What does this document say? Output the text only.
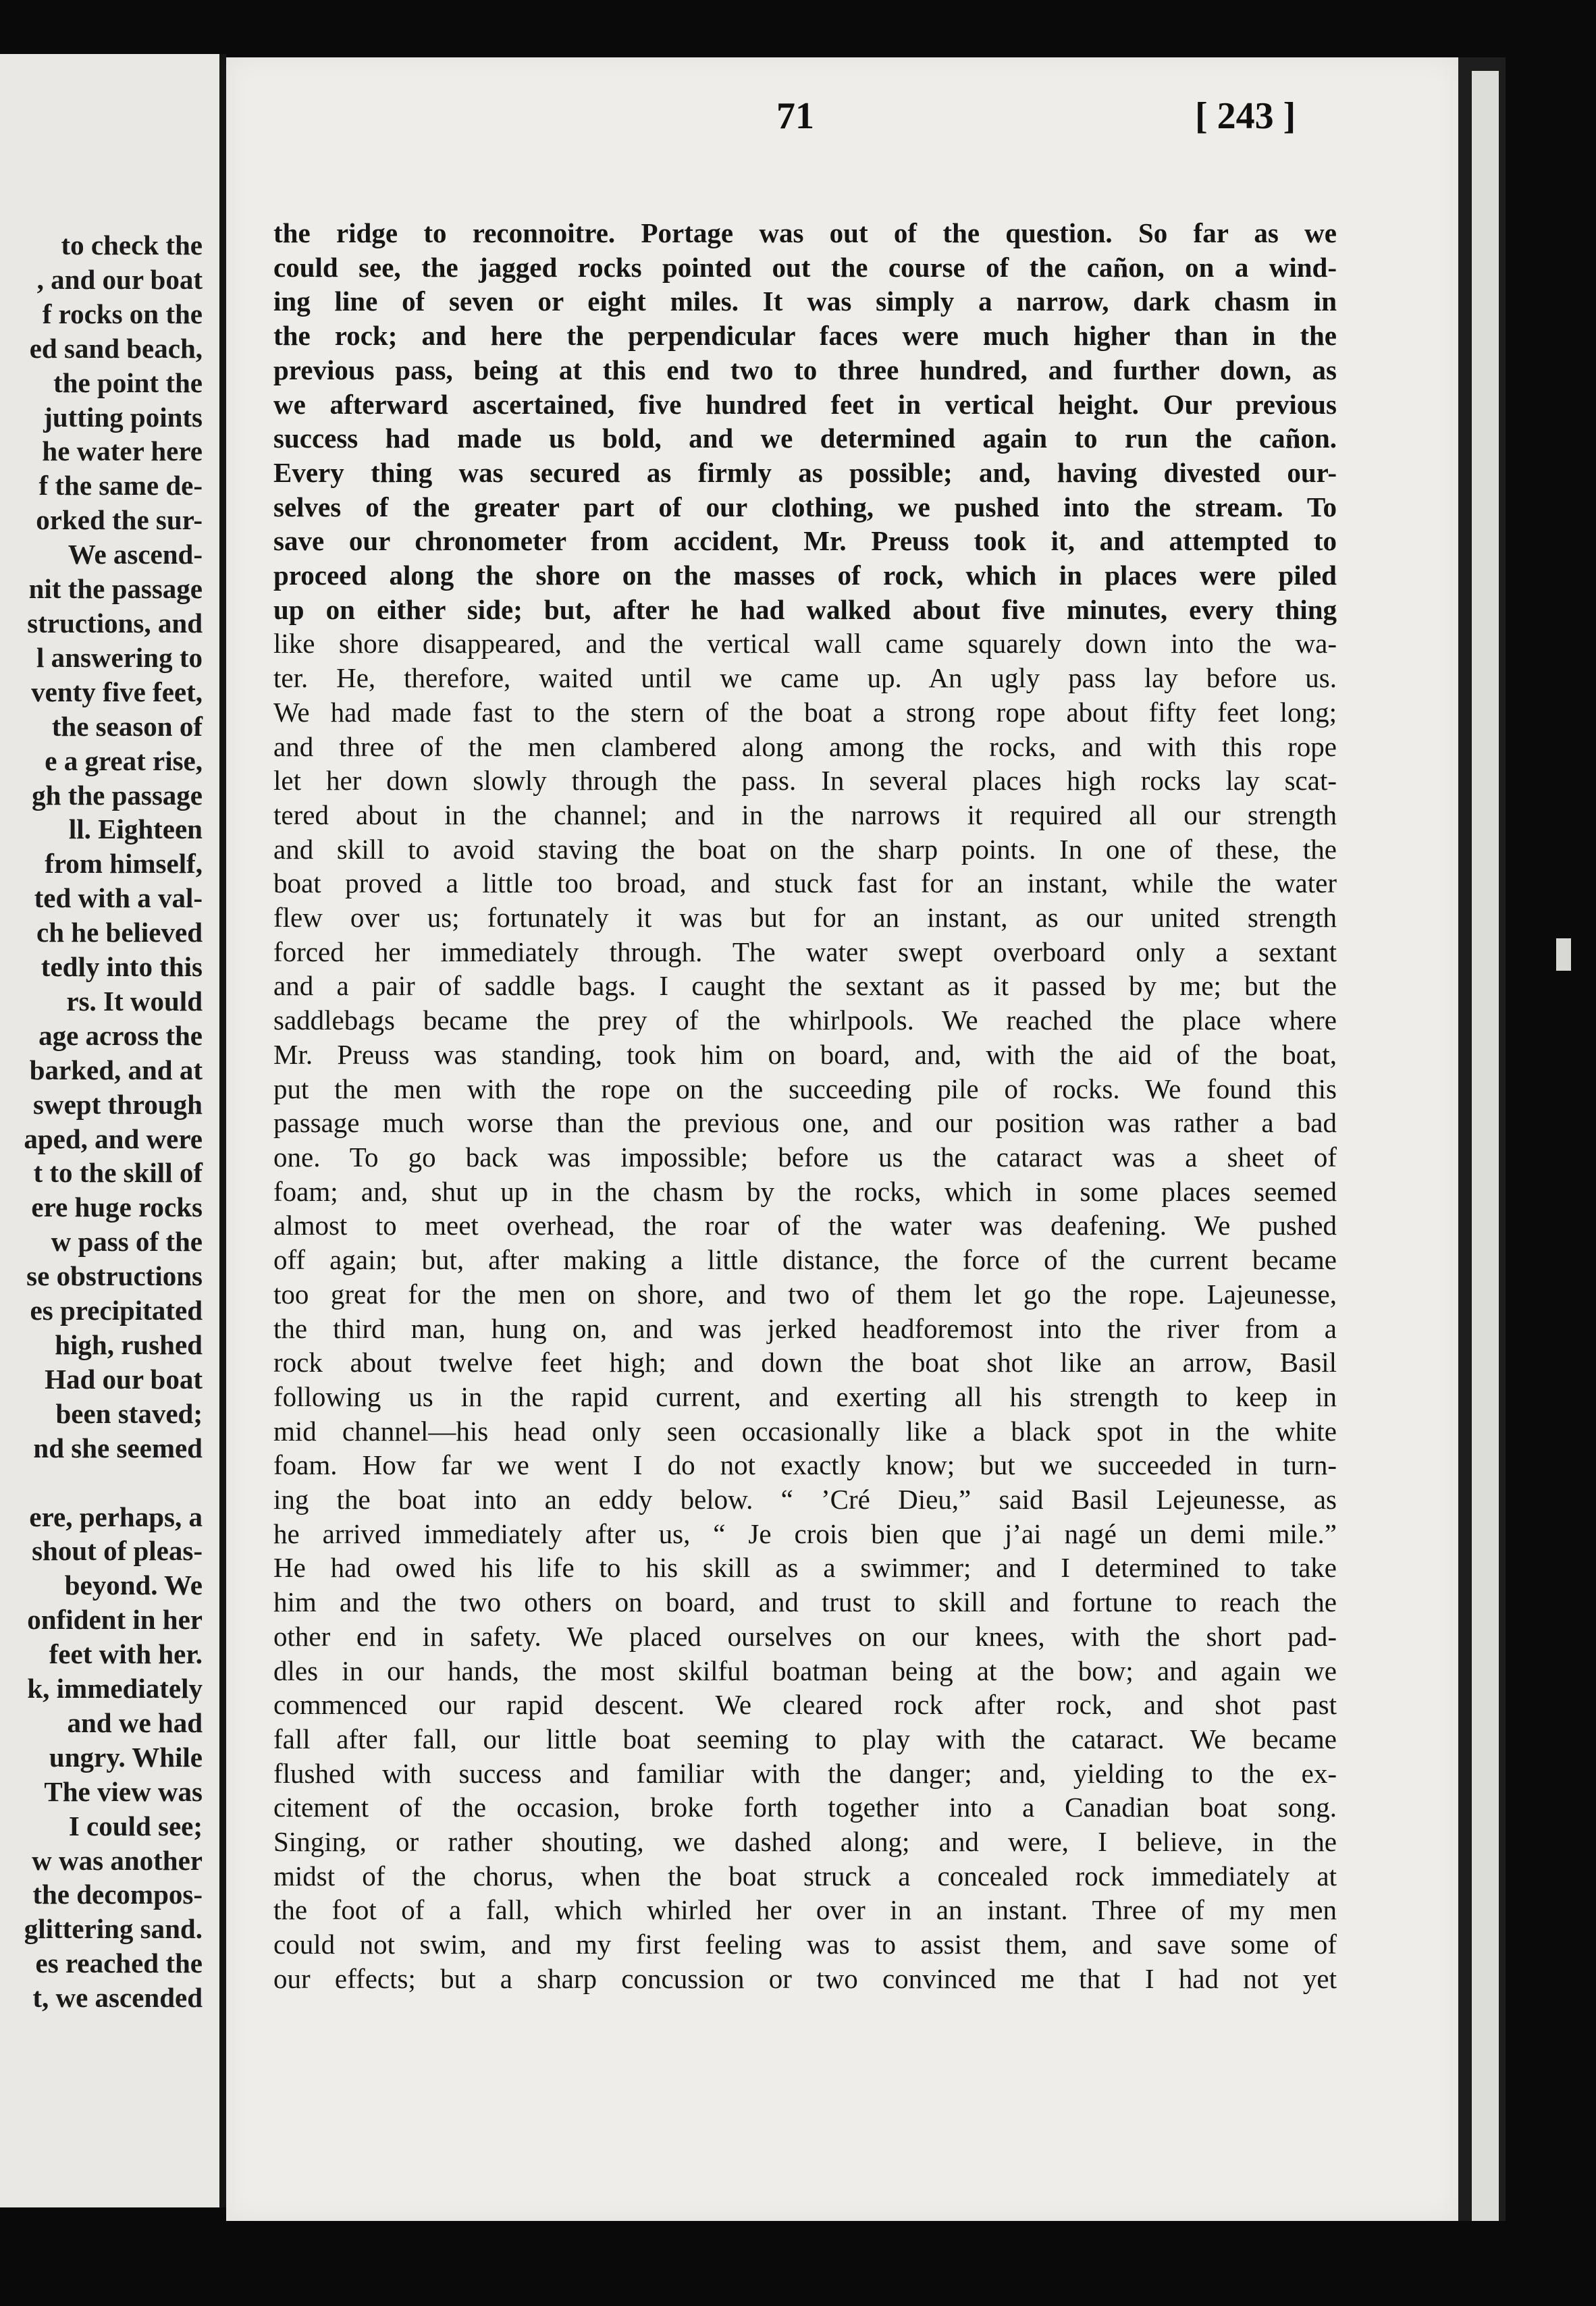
to check the
, and our boat
f rocks on the
ed sand beach,
the point the
jutting points
he water here
f the same de-
orked the sur-
We ascend-
nit the passage
structions, and
l answering to
venty five feet,
the season of
e a great rise,
gh the passage
ll. Eighteen
from himself,
ted with a val-
ch he believed
tedly into this
rs. It would
age across the
barked, and at
swept through
aped, and were
t to the skill of
ere huge rocks
w pass of the
se obstructions
es precipitated
high, rushed
Had our boat
been staved;
nd she seemed
ere, perhaps, a
shout of pleas-
beyond. We
onfident in her
feet with her.
k, immediately
and we had
ungry. While
The view was
I could see;
w was another
the decompos-
glittering sand.
es reached the
t, we ascended
71	[ 243 ]
the ridge to reconnoitre. Portage was out of the question. So far as we
could see, the jagged rocks pointed out the course of the cañon, on a wind-
ing line of seven or eight miles. It was simply a narrow, dark chasm in
the rock; and here the perpendicular faces were much higher than in the
previous pass, being at this end two to three hundred, and further down, as
we afterward ascertained, five hundred feet in vertical height. Our previous
success had made us bold, and we determined again to run the cañon.
Every thing was secured as firmly as possible; and, having divested our-
selves of the greater part of our clothing, we pushed into the stream. To
save our chronometer from accident, Mr. Preuss took it, and attempted to
proceed along the shore on the masses of rock, which in places were piled
up on either side; but, after he had walked about five minutes, every thing
like shore disappeared, and the vertical wall came squarely down into the wa-
ter. He, therefore, waited until we came up. An ugly pass lay before us.
We had made fast to the stern of the boat a strong rope about fifty feet long;
and three of the men clambered along among the rocks, and with this rope
let her down slowly through the pass. In several places high rocks lay scat-
tered about in the channel; and in the narrows it required all our strength
and skill to avoid staving the boat on the sharp points. In one of these, the
boat proved a little too broad, and stuck fast for an instant, while the water
flew over us; fortunately it was but for an instant, as our united strength
forced her immediately through. The water swept overboard only a sextant
and a pair of saddle bags. I caught the sextant as it passed by me; but the
saddlebags became the prey of the whirlpools. We reached the place where
Mr. Preuss was standing, took him on board, and, with the aid of the boat,
put the men with the rope on the succeeding pile of rocks. We found this
passage much worse than the previous one, and our position was rather a bad
one. To go back was impossible; before us the cataract was a sheet of
foam; and, shut up in the chasm by the rocks, which in some places seemed
almost to meet overhead, the roar of the water was deafening. We pushed
off again; but, after making a little distance, the force of the current became
too great for the men on shore, and two of them let go the rope. Lajeunesse,
the third man, hung on, and was jerked headforemost into the river from a
rock about twelve feet high; and down the boat shot like an arrow, Basil
following us in the rapid current, and exerting all his strength to keep in
mid channel—his head only seen occasionally like a black spot in the white
foam. How far we went I do not exactly know; but we succeeded in turn-
ing the boat into an eddy below. “ ’Cré Dieu,” said Basil Lejeunesse, as
he arrived immediately after us, “ Je crois bien que j’ai nagé un demi mile.”
He had owed his life to his skill as a swimmer; and I determined to take
him and the two others on board, and trust to skill and fortune to reach the
other end in safety. We placed ourselves on our knees, with the short pad-
dles in our hands, the most skilful boatman being at the bow; and again we
commenced our rapid descent. We cleared rock after rock, and shot past
fall after fall, our little boat seeming to play with the cataract. We became
flushed with success and familiar with the danger; and, yielding to the ex-
citement of the occasion, broke forth together into a Canadian boat song.
Singing, or rather shouting, we dashed along; and were, I believe, in the
midst of the chorus, when the boat struck a concealed rock immediately at
the foot of a fall, which whirled her over in an instant. Three of my men
could not swim, and my first feeling was to assist them, and save some of
our effects; but a sharp concussion or two convinced me that I had not yet
